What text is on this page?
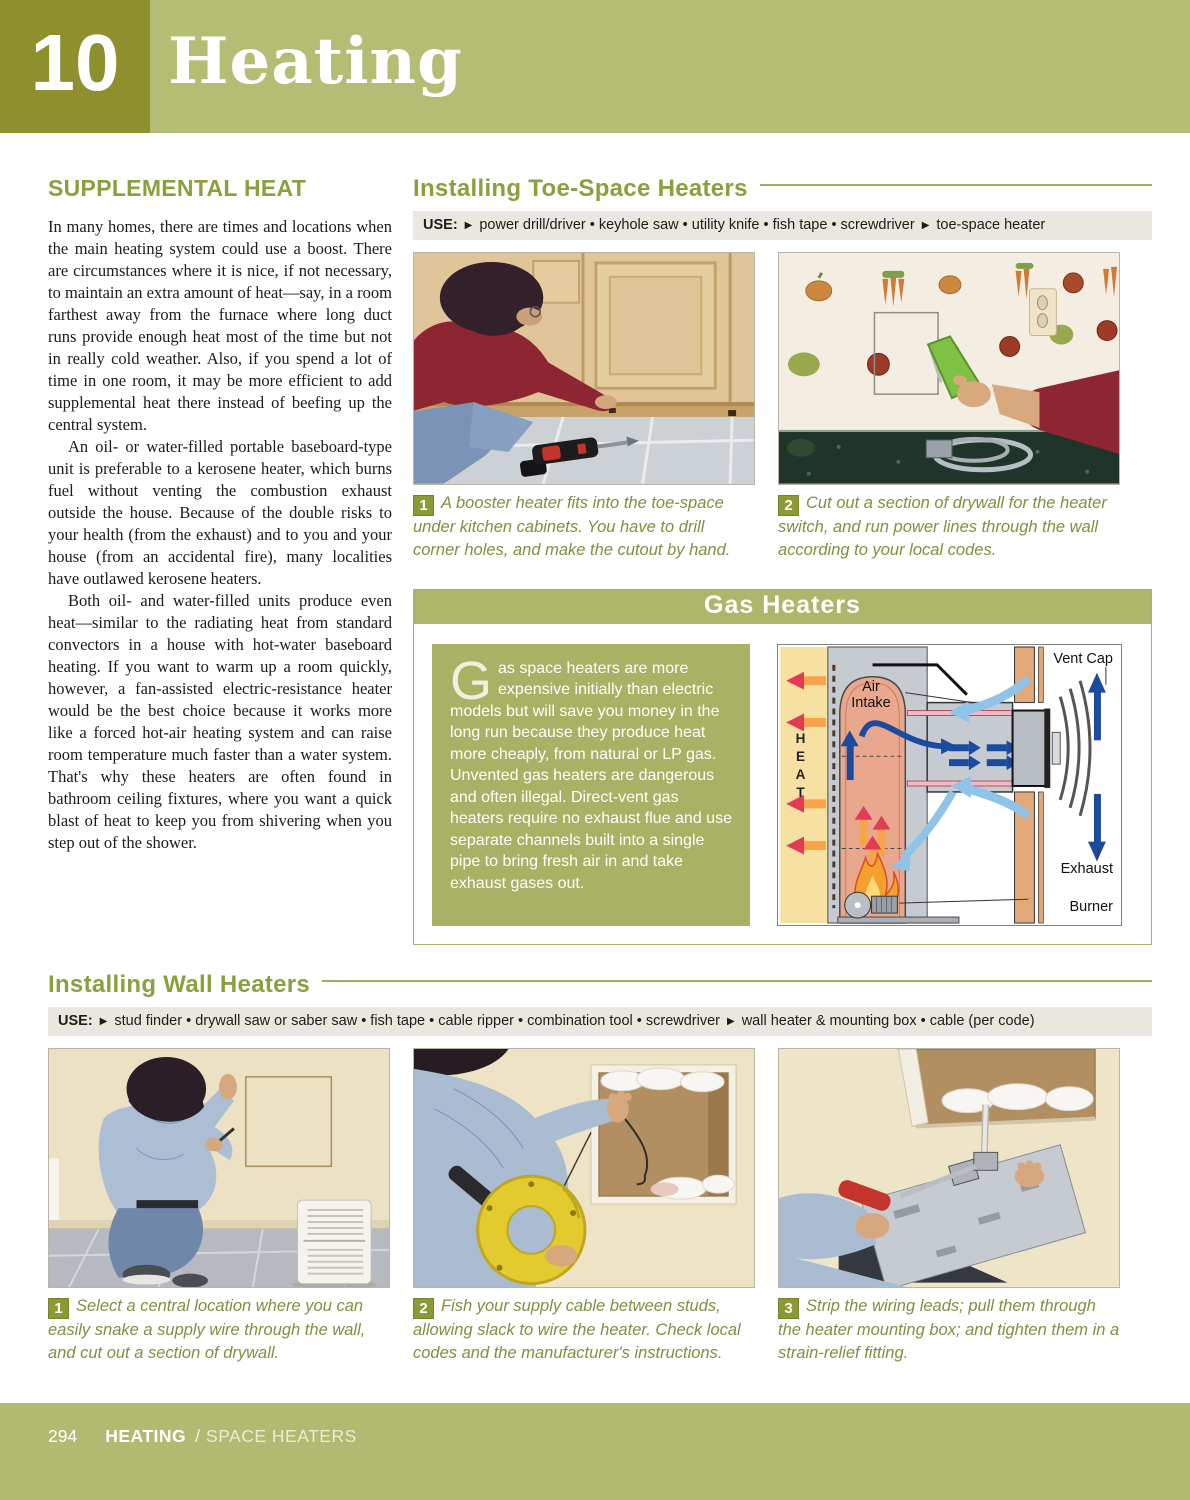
10 Heating
SUPPLEMENTAL HEAT

In many homes, there are times and locations when the main heating system could use a boost. There are circumstances where it is nice, if not necessary, to maintain an extra amount of heat—say, in a room farthest away from the furnace where long duct runs provide enough heat most of the time but not in really cold weather. Also, if you spend a lot of time in one room, it may be more efficient to add supplemental heat there instead of beefing up the central system.

An oil- or water-filled portable baseboard-type unit is preferable to a kerosene heater, which burns fuel without venting the combustion exhaust outside the house. Because of the double risks to your health (from the exhaust) and to you and your house (from an accidental fire), many localities have outlawed kerosene heaters.

Both oil- and water-filled units produce even heat—similar to the radiating heat from standard convectors in a house with hot-water baseboard heating. If you want to warm up a room quickly, however, a fan-assisted electric-resistance heater would be the best choice because it works more like a forced hot-air heating system and can raise room temperature much faster than a water system. That's why these heaters are often found in bathroom ceiling fixtures, where you want a quick blast of heat to keep you from shivering when you step out of the shower.

Installing Toe-Space Heaters
USE: ▶ power drill/driver • keyhole saw • utility knife • fish tape • screwdriver ▶ toe-space heater
1 A booster heater fits into the toe-space under kitchen cabinets. You have to drill corner holes, and make the cutout by hand.
2 Cut out a section of drywall for the heater switch, and run power lines through the wall according to your local codes.
Gas Heaters
Gas space heaters are more expensive initially than electric models but will save you money in the long run because they produce heat more cheaply, from natural or LP gas. Unvented gas heaters are dangerous and often illegal. Direct-vent gas heaters require no exhaust flue and use separate channels built into a single pipe to bring fresh air in and take exhaust gases out.
Vent Cap
Air Intake
HEAT
Exhaust
Burner
Installing Wall Heaters
USE: ▶ stud finder • drywall saw or saber saw • fish tape • cable ripper • combination tool • screwdriver ▶ wall heater & mounting box • cable (per code)
1 Select a central location where you can easily snake a supply wire through the wall, and cut out a section of drywall.
2 Fish your supply cable between studs, allowing slack to wire the heater. Check local codes and the manufacturer's instructions.
3 Strip the wiring leads; pull them through the heater mounting box; and tighten them in a strain-relief fitting.
294 HEATING / SPACE HEATERS
